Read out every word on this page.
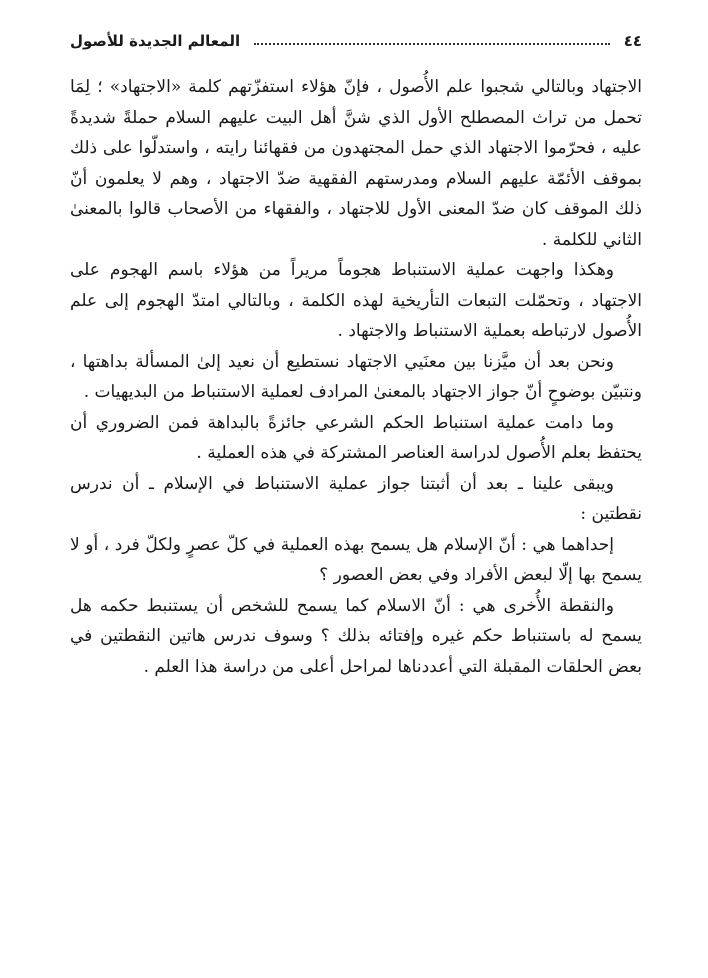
٤٤
المعالم الجديدة للأصول

الاجتهاد وبالتالي شجبوا علم الأُصول ، فإنّ هؤلاء استفزّتهم كلمة «الاجتهاد» ؛ لِمَا تحمل من تراث المصطلح الأول الذي شنَّ أهل البيت عليهم السلام حملةً شديدةً عليه ، فحرّموا الاجتهاد الذي حمل المجتهدون من فقهائنا رايته ، واستدلّوا على ذلك بموقف الأئمّة عليهم السلام ومدرستهم الفقهية ضدّ الاجتهاد ، وهم لا يعلمون أنّ ذلك الموقف كان ضدّ المعنى الأول للاجتهاد ، والفقهاء من الأصحاب قالوا بالمعنىٰ الثاني للكلمة .

وهكذا واجهت عملية الاستنباط هجوماً مريراً من هؤلاء باسم الهجوم على الاجتهاد ، وتحمّلت التبعات التأريخية لهذه الكلمة ، وبالتالي امتدّ الهجوم إلى علم الأُصول لارتباطه بعملية الاستنباط والاجتهاد .

ونحن بعد أن ميَّزنا بين معنَيي الاجتهاد نستطيع أن نعيد إلىٰ المسألة بداهتها ، ونتبيّن بوضوحٍ أنّ جواز الاجتهاد بالمعنىٰ المرادف لعملية الاستنباط من البديهيات .

وما دامت عملية استنباط الحكم الشرعي جائزةً بالبداهة فمن الضروري أن يحتفظ بعلم الأُصول لدراسة العناصر المشتركة في هذه العملية .

ويبقى علينا ـ بعد أن أثبتنا جواز عملية الاستنباط في الإسلام ـ أن ندرس نقطتين :

إحداهما هي : أنّ الإسلام هل يسمح بهذه العملية في كلّ عصرٍ ولكلّ فرد ، أو لا يسمح بها إلّا لبعض الأفراد وفي بعض العصور ؟

والنقطة الأُخرى هي : أنّ الاسلام كما يسمح للشخص أن يستنبط حكمه هل يسمح له باستنباط حكم غيره وإفتائه بذلك ؟ وسوف ندرس هاتين النقطتين في بعض الحلقات المقبلة التي أعددناها لمراحل أعلى من دراسة هذا العلم .
